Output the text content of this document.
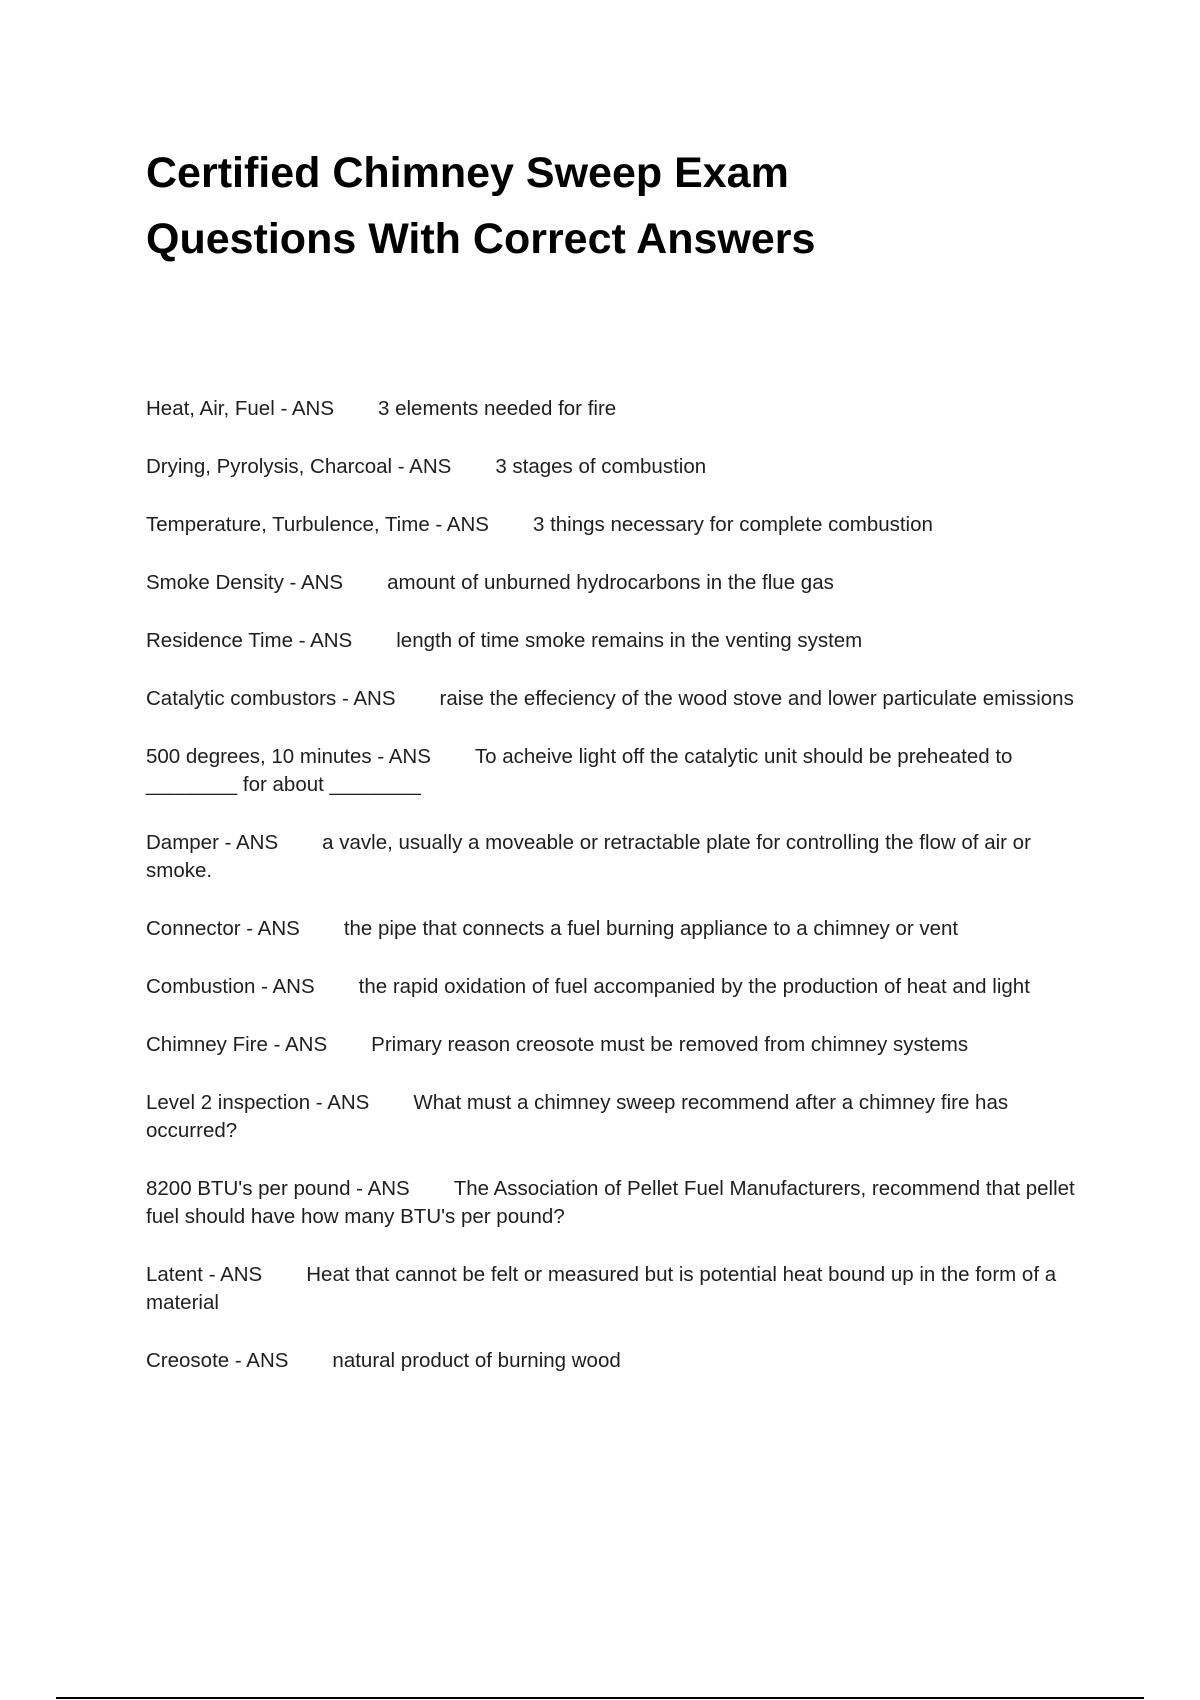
Certified Chimney Sweep Exam
Questions With Correct Answers
Heat, Air, Fuel - ANS 3 elements needed for fire
Drying, Pyrolysis, Charcoal - ANS 3 stages of combustion
Temperature, Turbulence, Time - ANS 3 things necessary for complete combustion
Smoke Density - ANS amount of unburned hydrocarbons in the flue gas
Residence Time - ANS length of time smoke remains in the venting system
Catalytic combustors - ANS raise the effeciency of the wood stove and lower particulate emissions
500 degrees, 10 minutes - ANS To acheive light off the catalytic unit should be preheated to ________ for about ________
Damper - ANS a vavle, usually a moveable or retractable plate for controlling the flow of air or smoke.
Connector - ANS the pipe that connects a fuel burning appliance to a chimney or vent
Combustion - ANS the rapid oxidation of fuel accompanied by the production of heat and light
Chimney Fire - ANS Primary reason creosote must be removed from chimney systems
Level 2 inspection - ANS What must a chimney sweep recommend after a chimney fire has occurred?
8200 BTU's per pound - ANS The Association of Pellet Fuel Manufacturers, recommend that pellet fuel should have how many BTU's per pound?
Latent - ANS Heat that cannot be felt or measured but is potential heat bound up in the form of a material
Creosote - ANS natural product of burning wood
